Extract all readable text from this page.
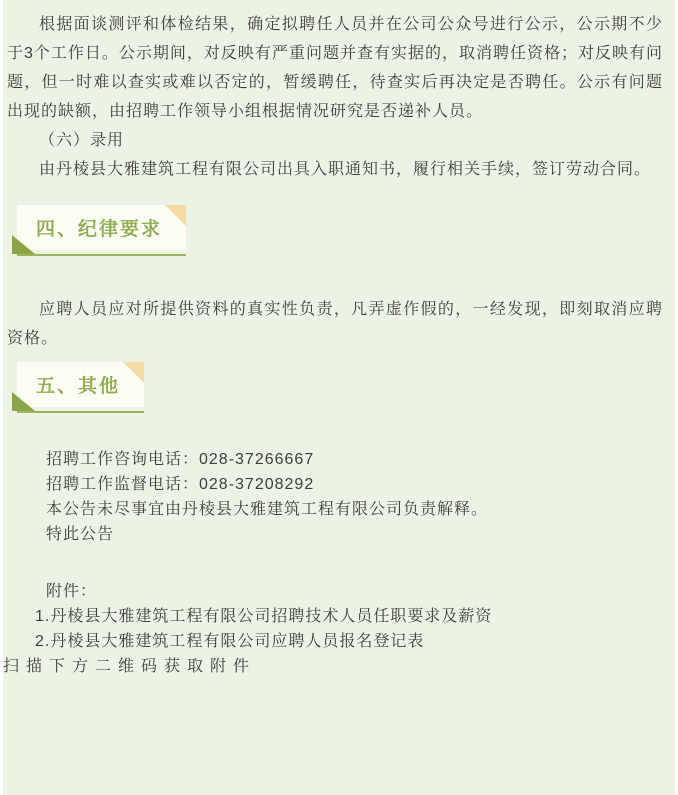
根据面谈测评和体检结果，确定拟聘任人员并在公司公众号进行公示，公示期不少于3个工作日。公示期间，对反映有严重问题并查有实据的，取消聘任资格；对反映有问题，但一时难以查实或难以否定的，暂缓聘任，待查实后再决定是否聘任。公示有问题出现的缺额，由招聘工作领导小组根据情况研究是否递补人员。

（六）录用

由丹棱县大雅建筑工程有限公司出具入职通知书，履行相关手续，签订劳动合同。

四、纪律要求

应聘人员应对所提供资料的真实性负责，凡弄虚作假的，一经发现，即刻取消应聘资格。

五、其他

招聘工作咨询电话：028-37266667

招聘工作监督电话：028-37208292

本公告未尽事宜由丹棱县大雅建筑工程有限公司负责解释。

特此公告

附件：

1.丹棱县大雅建筑工程有限公司招聘技术人员任职要求及薪资

2.丹棱县大雅建筑工程有限公司应聘人员报名登记表

扫描下方二维码获取附件
